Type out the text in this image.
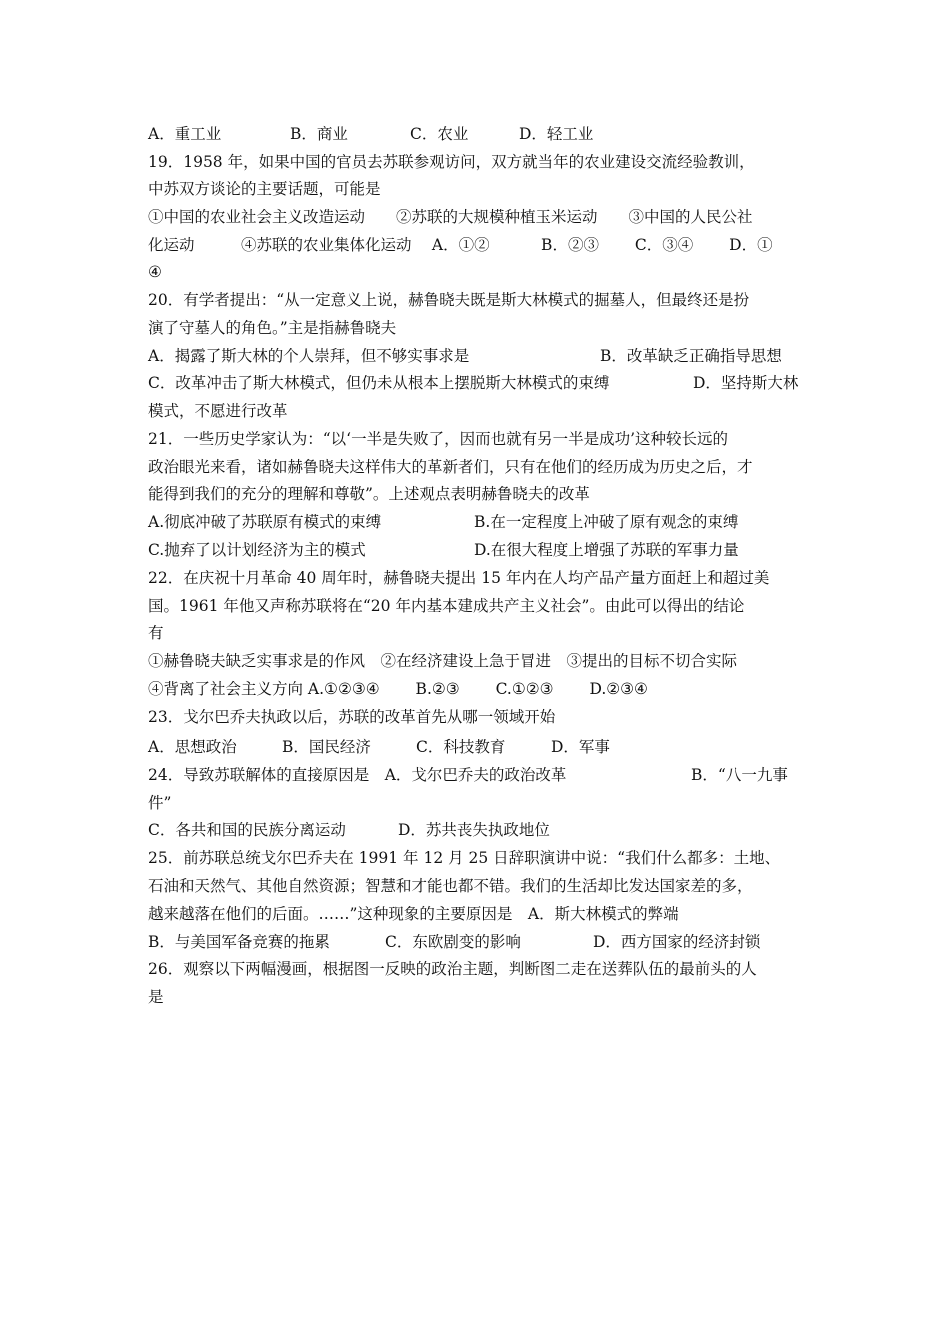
A．重工业	B．商业	C．农业	D．轻工业
19．1958 年，如果中国的官员去苏联参观访问，双方就当年的农业建设交流经验教训，
中苏双方谈论的主要话题，可能是
①中国的农业社会主义改造运动　　②苏联的大规模种植玉米运动　　③中国的人民公社
化运动　　　④苏联的农业集体化运动　 A．①②　　　 B．②③　　 C．③④　　 D．①
④
20．有学者提出：“从一定意义上说，赫鲁晓夫既是斯大林模式的掘墓人，但最终还是扮
演了守墓人的角色。”主是指赫鲁晓夫
A．揭露了斯大林的个人崇拜，但不够实事求是	B．改革缺乏正确指导思想
C．改革冲击了斯大林模式，但仍未从根本上摆脱斯大林模式的束缚	D．坚持斯大林
模式，不愿进行改革
21．一些历史学家认为：“以‘一半是失败了，因而也就有另一半是成功’这种较长远的
政治眼光来看，诸如赫鲁晓夫这样伟大的革新者们，只有在他们的经历成为历史之后，才
能得到我们的充分的理解和尊敬”。上述观点表明赫鲁晓夫的改革
A.彻底冲破了苏联原有模式的束缚	B.在一定程度上冲破了原有观念的束缚
C.抛弃了以计划经济为主的模式	D.在很大程度上增强了苏联的军事力量
22．在庆祝十月革命 40 周年时，赫鲁晓夫提出 15 年内在人均产品产量方面赶上和超过美
国。1961 年他又声称苏联将在“20 年内基本建成共产主义社会”。由此可以得出的结论
有
①赫鲁晓夫缺乏实事求是的作风　②在经济建设上急于冒进　③提出的目标不切合实际
④背离了社会主义方向 A.①②③④　　 B.②③　　 C.①②③　　 D.②③④
23．戈尔巴乔夫执政以后，苏联的改革首先从哪一领域开始
A．思想政治	B．国民经济	C．科技教育	D．军事
24．导致苏联解体的直接原因是　A．戈尔巴乔夫的政治改革	B．“八一九事
件”
C．各共和国的民族分离运动	D．苏共丧失执政地位
25．前苏联总统戈尔巴乔夫在 1991 年 12 月 25 日辞职演讲中说：“我们什么都多：土地、
石油和天然气、其他自然资源；智慧和才能也都不错。我们的生活却比发达国家差的多，
越来越落在他们的后面。……”这种现象的主要原因是　A．斯大林模式的弊端
B．与美国军备竞赛的拖累	C．东欧剧变的影响	D．西方国家的经济封锁
26．观察以下两幅漫画，根据图一反映的政治主题，判断图二走在送葬队伍的最前头的人
是
